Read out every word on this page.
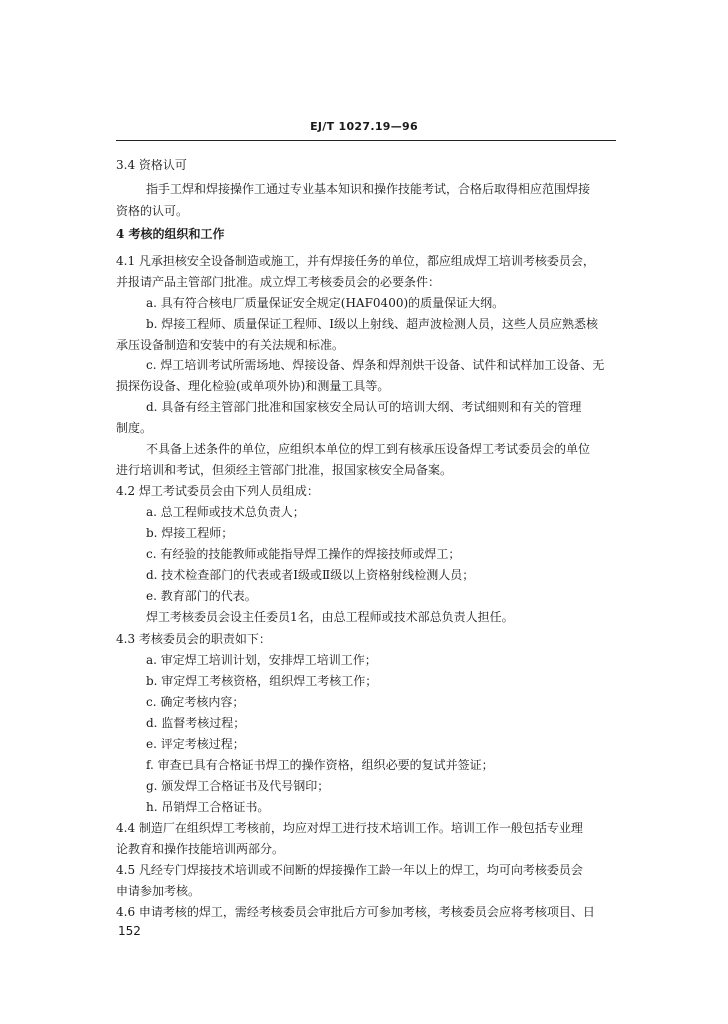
EJ/T 1027.19—96
3.4 资格认可
指手工焊和焊接操作工通过专业基本知识和操作技能考试，合格后取得相应范围焊接
资格的认可。
4 考核的组织和工作
4.1 凡承担核安全设备制造或施工，并有焊接任务的单位，都应组成焊工培训考核委员会，
并报请产品主管部门批准。成立焊工考核委员会的必要条件：
a. 具有符合核电厂质量保证安全规定(HAF0400)的质量保证大纲。
b. 焊接工程师、质量保证工程师、Ⅰ级以上射线、超声波检测人员，这些人员应熟悉核
承压设备制造和安装中的有关法规和标准。
c. 焊工培训考试所需场地、焊接设备、焊条和焊剂烘干设备、试件和试样加工设备、无
损探伤设备、理化检验(或单项外协)和测量工具等。
d. 具备有经主管部门批准和国家核安全局认可的培训大纲、考试细则和有关的管理
制度。
不具备上述条件的单位，应组织本单位的焊工到有核承压设备焊工考试委员会的单位
进行培训和考试，但须经主管部门批准，报国家核安全局备案。
4.2 焊工考试委员会由下列人员组成：
a. 总工程师或技术总负责人；
b. 焊接工程师；
c. 有经验的技能教师或能指导焊工操作的焊接技师或焊工；
d. 技术检查部门的代表或者Ⅰ级或Ⅱ级以上资格射线检测人员；
e. 教育部门的代表。
焊工考核委员会设主任委员1名，由总工程师或技术部总负责人担任。
4.3 考核委员会的职责如下：
a. 审定焊工培训计划，安排焊工培训工作；
b. 审定焊工考核资格，组织焊工考核工作；
c. 确定考核内容；
d. 监督考核过程；
e. 评定考核过程；
f. 审查已具有合格证书焊工的操作资格，组织必要的复试并签证；
g. 颁发焊工合格证书及代号钢印；
h. 吊销焊工合格证书。
4.4 制造厂在组织焊工考核前，均应对焊工进行技术培训工作。培训工作一般包括专业理
论教育和操作技能培训两部分。
4.5 凡经专门焊接技术培训或不间断的焊接操作工龄一年以上的焊工，均可向考核委员会
申请参加考核。
4.6 申请考核的焊工，需经考核委员会审批后方可参加考核，考核委员会应将考核项目、日
152
